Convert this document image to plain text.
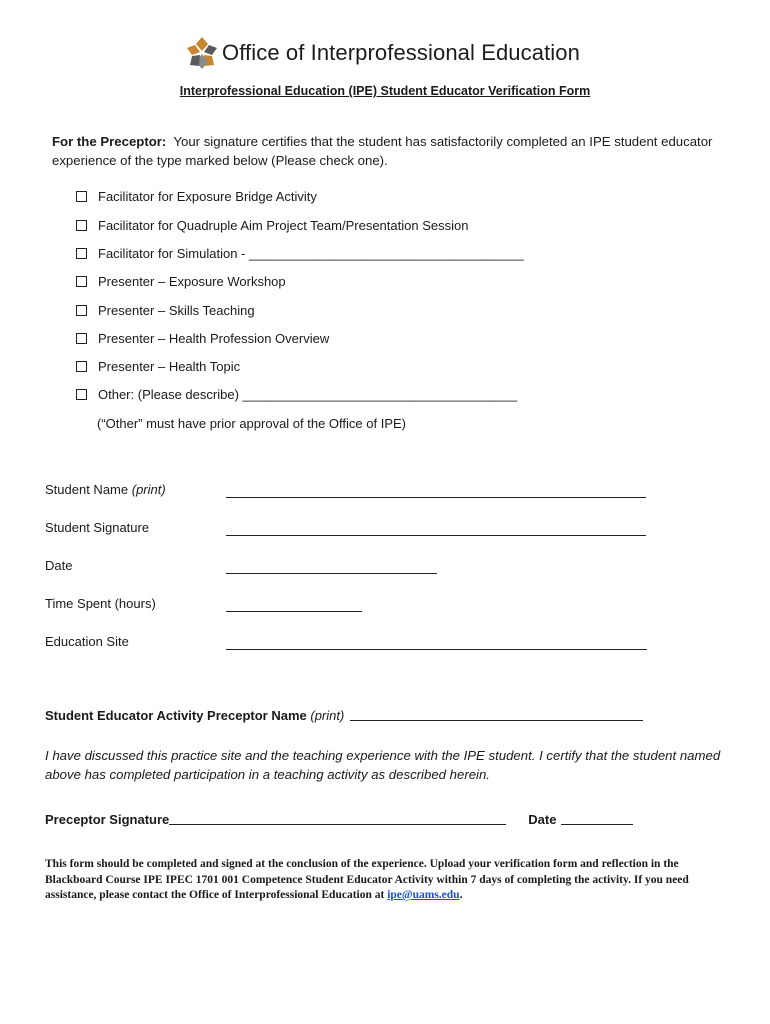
Office of Interprofessional Education
Interprofessional Education (IPE) Student Educator Verification Form
For the Preceptor: Your signature certifies that the student has satisfactorily completed an IPE student educator experience of the type marked below (Please check one).
Facilitator for Exposure Bridge Activity
Facilitator for Quadruple Aim Project Team/Presentation Session
Facilitator for Simulation - ______________________________________
Presenter – Exposure Workshop
Presenter – Skills Teaching
Presenter – Health Profession Overview
Presenter – Health Topic
Other: (Please describe) ______________________________________
(“Other” must have prior approval of the Office of IPE)
Student Name (print)
Student Signature
Date
Time Spent (hours)
Education Site
Student Educator Activity Preceptor Name
(print)
I have discussed this practice site and the teaching experience with the IPE student. I certify that the student named above has completed participation in a teaching activity as described herein.
Preceptor Signature	Date
This form should be completed and signed at the conclusion of the experience. Upload your verification form and reflection in the Blackboard Course IPE IPEC 1701 001 Competence Student Educator Activity within 7 days of completing the activity. If you need assistance, please contact the Office of Interprofessional Education at ipe@uams.edu.
